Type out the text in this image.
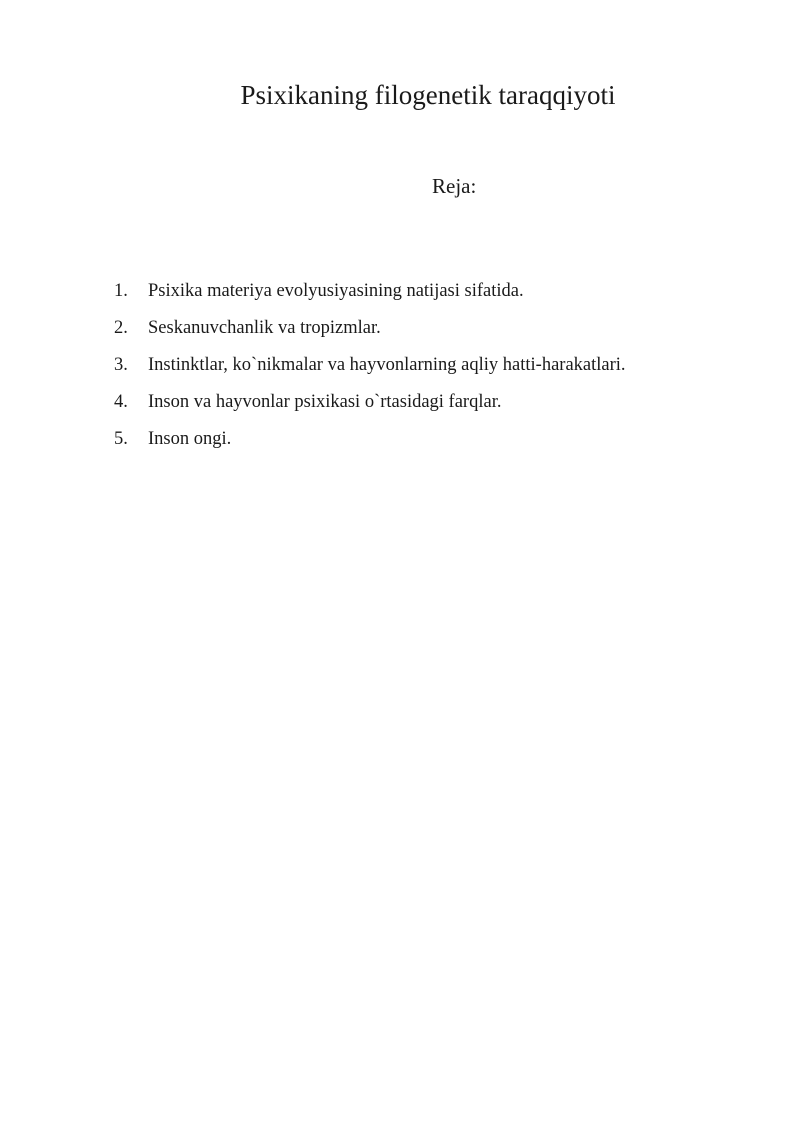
Psixikaning filogenetik taraqqiyoti
Reja:
1.	Psixika materiya evolyusiyasining natijasi sifatida.
2.	Seskanuvchanlik va tropizmlar.
3.	Instinktlar, ko`nikmalar va hayvonlarning aqliy hatti-harakatlari.
4.	Inson va hayvonlar psixikasi o`rtasidagi farqlar.
5.	Inson ongi.
